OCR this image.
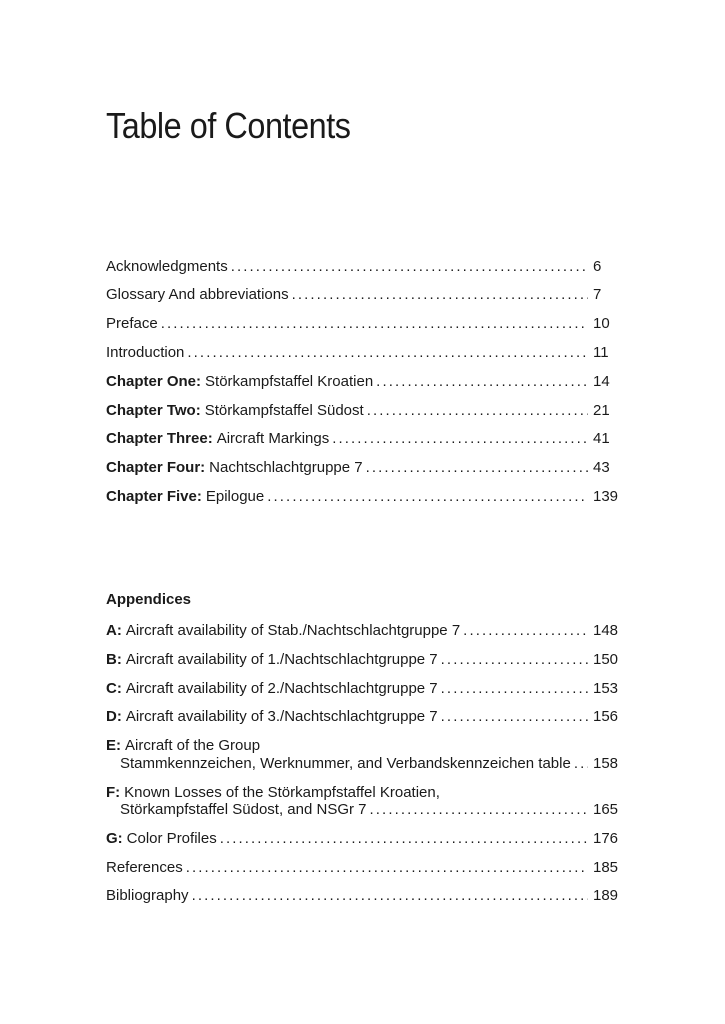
Table of Contents
Acknowledgments .....	6
Glossary And abbreviations .....	7
Preface .....	10
Introduction .....	11
Chapter One: Störkampfstaffel Kroatien .....	14
Chapter Two: Störkampfstaffel Südost .....	21
Chapter Three: Aircraft Markings .....	41
Chapter Four: Nachtschlachtgruppe 7 .....	43
Chapter Five: Epilogue .....	139

Appendices

A: Aircraft availability of Stab./Nachtschlachtgruppe 7 .....	148
B: Aircraft availability of 1./Nachtschlachtgruppe 7 .....	150
C: Aircraft availability of 2./Nachtschlachtgruppe 7 .....	153
D: Aircraft availability of 3./Nachtschlachtgruppe 7 .....	156
E: Aircraft of the Group
Stammkennzeichen, Werknummer, and Verbandskennzeichen table .....	158
F: Known Losses of the Störkampfstaffel Kroatien,
Störkampfstaffel Südost, and NSGr 7 .....	165
G: Color Profiles .....	176
References .....	185
Bibliography .....	189
